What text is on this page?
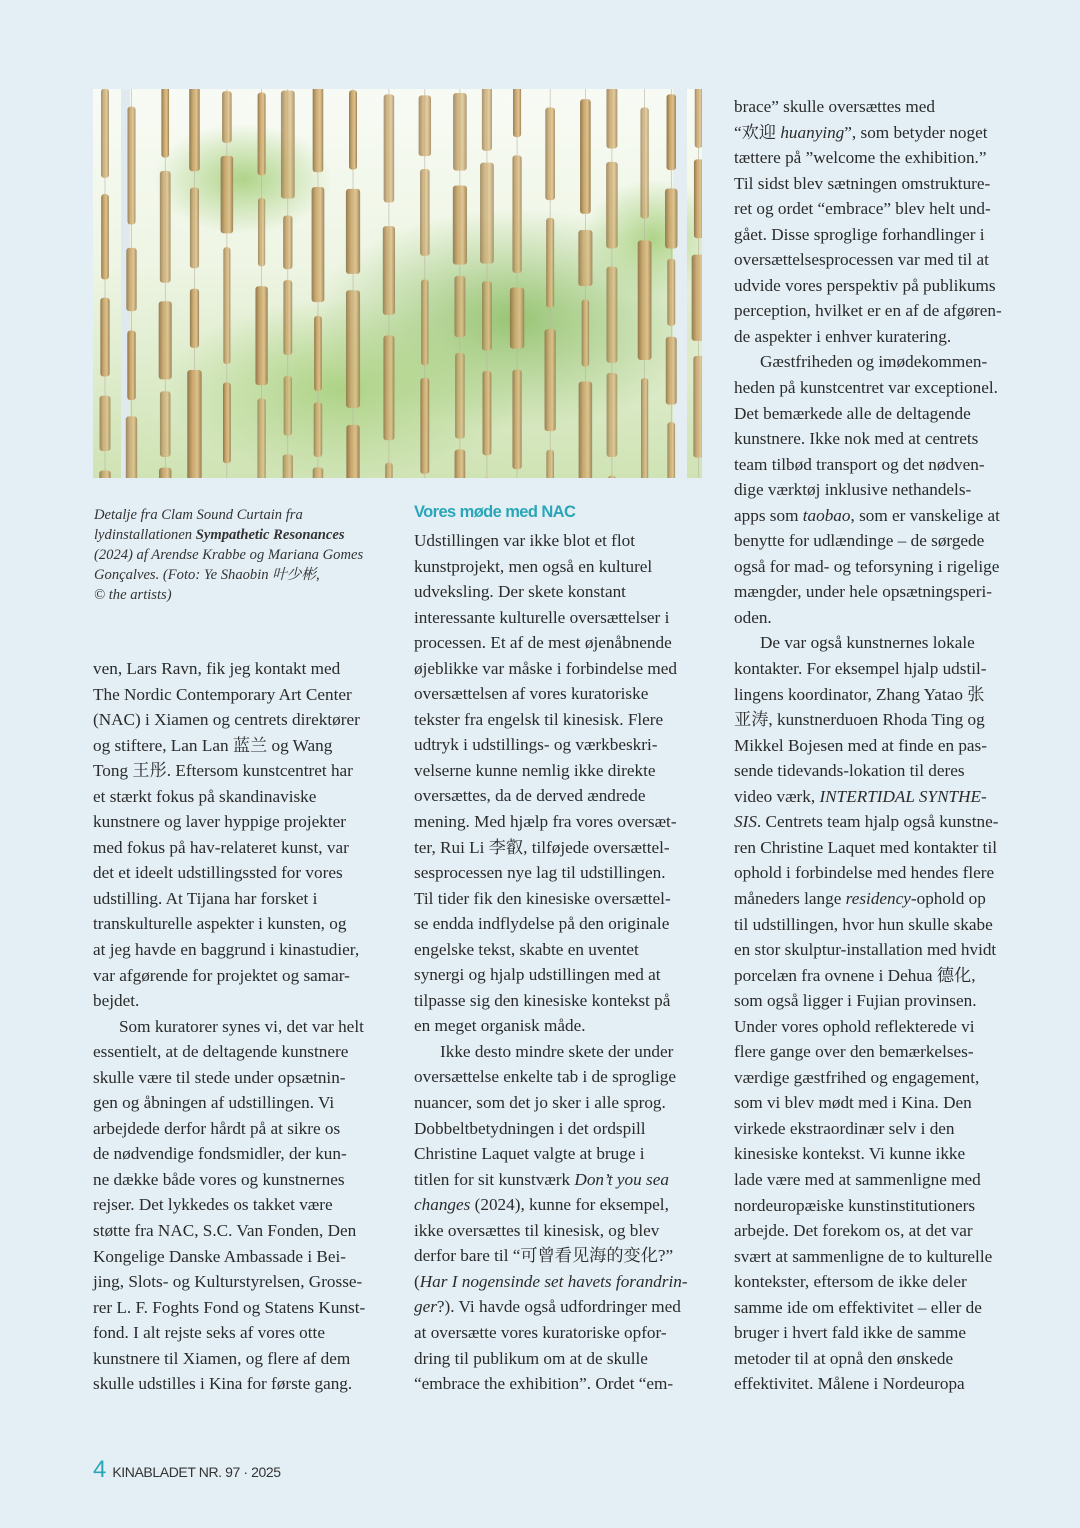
Detalje fra Clam Sound Curtain fra
lydinstallationen Sympathetic Resonances
(2024) af Arendse Krabbe og Mariana Gomes
Gonçalves. (Foto: Ye Shaobin 叶少彬,
© the artists)
ven, Lars Ravn, fik jeg kontakt med
The Nordic Contemporary Art Center
(NAC) i Xiamen og centrets direktører
og stiftere, Lan Lan 蓝兰 og Wang
Tong 王彤. Eftersom kunstcentret har
et stærkt fokus på skandinaviske
kunstnere og laver hyppige projekter
med fokus på hav-relateret kunst, var
det et ideelt udstillingssted for vores
udstilling. At Tijana har forsket i
transkulturelle aspekter i kunsten, og
at jeg havde en baggrund i kinastudier,
var afgørende for projektet og samar-
bejdet.
Som kuratorer synes vi, det var helt
essentielt, at de deltagende kunstnere
skulle være til stede under opsætnin-
gen og åbningen af udstillingen. Vi
arbejdede derfor hårdt på at sikre os
de nødvendige fondsmidler, der kun-
ne dække både vores og kunstnernes
rejser. Det lykkedes os takket være
støtte fra NAC, S.C. Van Fonden, Den
Kongelige Danske Ambassade i Bei-
jing, Slots- og Kulturstyrelsen, Grosse-
rer L. F. Foghts Fond og Statens Kunst-
fond. I alt rejste seks af vores otte
kunstnere til Xiamen, og flere af dem
skulle udstilles i Kina for første gang.
Vores møde med NAC
Udstillingen var ikke blot et flot
kunstprojekt, men også en kulturel
udveksling. Der skete konstant
interessante kulturelle oversættelser i
processen. Et af de mest øjenåbnende
øjeblikke var måske i forbindelse med
oversættelsen af vores kuratoriske
tekster fra engelsk til kinesisk. Flere
udtryk i udstillings- og værkbeskri-
velserne kunne nemlig ikke direkte
oversættes, da de derved ændrede
mening. Med hjælp fra vores oversæt-
ter, Rui Li 李叡, tilføjede oversættel-
sesprocessen nye lag til udstillingen.
Til tider fik den kinesiske oversættel-
se endda indflydelse på den originale
engelske tekst, skabte en uventet
synergi og hjalp udstillingen med at
tilpasse sig den kinesiske kontekst på
en meget organisk måde.
Ikke desto mindre skete der under
oversættelse enkelte tab i de sproglige
nuancer, som det jo sker i alle sprog.
Dobbeltbetydningen i det ordspill
Christine Laquet valgte at bruge i
titlen for sit kunstværk Don’t you sea
changes (2024), kunne for eksempel,
ikke oversættes til kinesisk, og blev
derfor bare til “可曾看见海的变化?”
(Har I nogensinde set havets forandrin-
ger?). Vi havde også udfordringer med
at oversætte vores kuratoriske opfor-
dring til publikum om at de skulle
“embrace the exhibition”. Ordet “em-
brace” skulle oversættes med
“欢迎 huanying”, som betyder noget
tættere på ”welcome the exhibition.”
Til sidst blev sætningen omstrukture-
ret og ordet “embrace” blev helt und-
gået. Disse sproglige forhandlinger i
oversættelsesprocessen var med til at
udvide vores perspektiv på publikums
perception, hvilket er en af de afgøren-
de aspekter i enhver kuratering.
Gæstfriheden og imødekommen-
heden på kunstcentret var exceptionel.
Det bemærkede alle de deltagende
kunstnere. Ikke nok med at centrets
team tilbød transport og det nødven-
dige værktøj inklusive nethandels-
apps som taobao, som er vanskelige at
benytte for udlændinge – de sørgede
også for mad- og teforsyning i rigelige
mængder, under hele opsætningsperi-
oden.
De var også kunstnernes lokale
kontakter. For eksempel hjalp udstil-
lingens koordinator, Zhang Yatao 张
亚涛, kunstnerduoen Rhoda Ting og
Mikkel Bojesen med at finde en pas-
sende tidevands-lokation til deres
video værk, INTERTIDAL SYNTHE-
SIS. Centrets team hjalp også kunstne-
ren Christine Laquet med kontakter til
ophold i forbindelse med hendes flere
måneders lange residency-ophold op
til udstillingen, hvor hun skulle skabe
en stor skulptur-installation med hvidt
porcelæn fra ovnene i Dehua 德化,
som også ligger i Fujian provinsen.
Under vores ophold reflekterede vi
flere gange over den bemærkelses-
værdige gæstfrihed og engagement,
som vi blev mødt med i Kina. Den
virkede ekstraordinær selv i den
kinesiske kontekst. Vi kunne ikke
lade være med at sammenligne med
nordeuropæiske kunstinstitutioners
arbejde. Det forekom os, at det var
svært at sammenligne de to kulturelle
kontekster, eftersom de ikke deler
samme ide om effektivitet – eller de
bruger i hvert fald ikke de samme
metoder til at opnå den ønskede
effektivitet. Målene i Nordeuropa
4 KINABLADET NR. 97 · 2025
